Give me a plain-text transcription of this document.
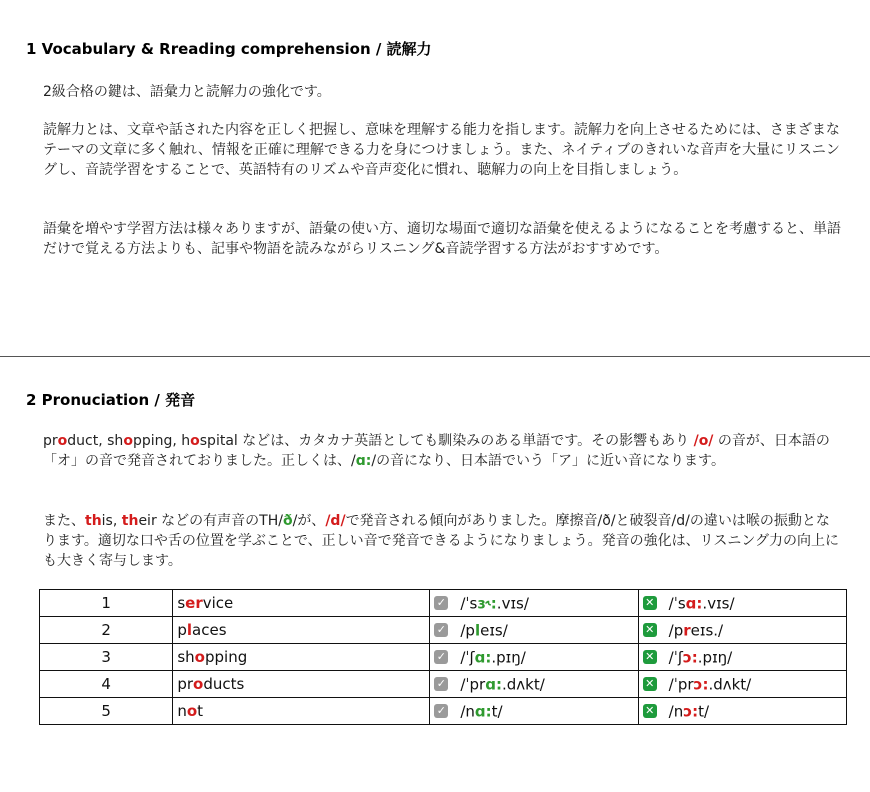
1 Vocabulary & Rreading comprehension / 読解力

2級合格の鍵は、語彙力と読解力の強化です。

読解力とは、文章や話された内容を正しく把握し、意味を理解する能力を指します。読解力を向上させるためには、さまざまなテーマの文章に多く触れ、情報を正確に理解できる力を身につけましょう。また、ネイティブのきれいな音声を大量にリスニングし、音読学習をすることで、英語特有のリズムや音声変化に慣れ、聴解力の向上を目指しましょう。

語彙を増やす学習方法は様々ありますが、語彙の使い方、適切な場面で適切な語彙を使えるようになることを考慮すると、単語だけで覚える方法よりも、記事や物語を読みながらリスニング&音読学習する方法がおすすめです。

2 Pronuciation / 発音

product, shopping, hospital などは、カタカナ英語としても馴染みのある単語です。その影響もあり /o/ の音が、日本語の「オ」の音で発音されておりました。正しくは、/ɑ:/の音になり、日本語でいう「ア」に近い音になります。

また、this, their などの有声音のTH/ð/が、/d/で発音される傾向がありました。摩擦音/ð/と破裂音/d/の違いは喉の振動となります。適切な口や舌の位置を学ぶことで、正しい音で発音できるようになりましょう。発音の強化は、リスニング力の向上にも大きく寄与します。

1	service	✓ /ˈsɜ˞:.vɪs/	✕ /ˈsɑ:.vɪs/
2	places	✓ /pleɪs/	✕ /preɪs./
3	shopping	✓ /ˈʃɑ:.pɪŋ/	✕ /ˈʃɔ:.pɪŋ/
4	products	✓ /ˈprɑ:.dʌkt/	✕ /ˈprɔ:.dʌkt/
5	not	✓ /nɑ:t/	✕ /nɔ:t/
